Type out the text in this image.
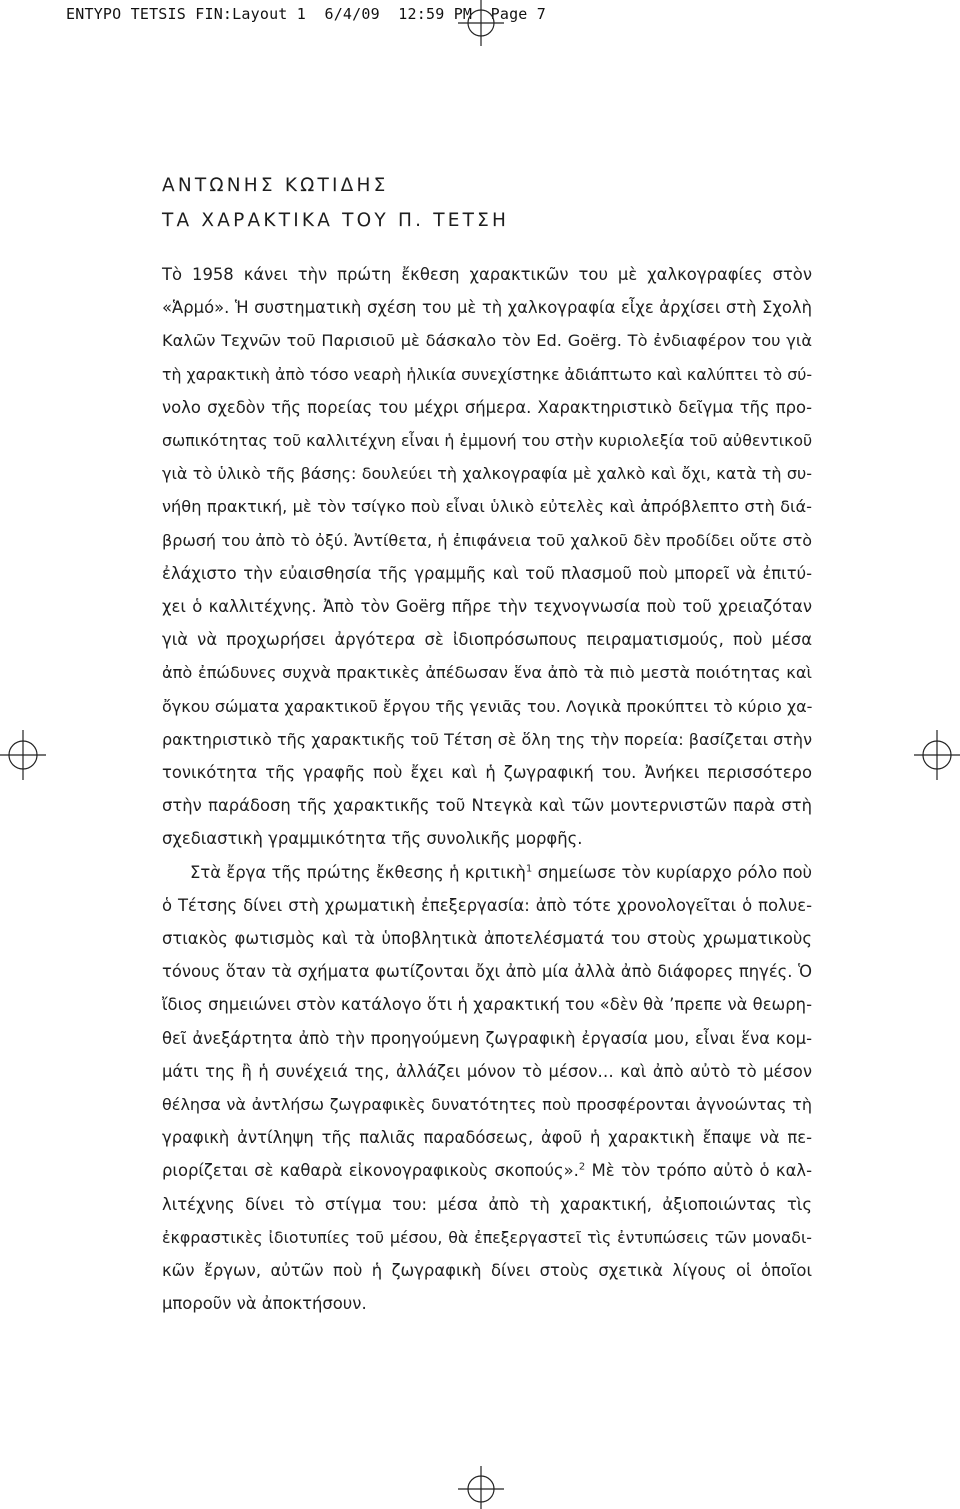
ENTYPO TETSIS FIN:Layout 1  6/4/09  12:59 PM  Page 7
ΑΝΤΩΝΗΣ ΚΩΤΙΔΗΣ
ΤΑ ΧΑΡΑΚΤΙΚΑ ΤΟΥ Π. ΤΕΤΣΗ

Τὸ 1958 κάνει τὴν πρώτη ἔκθεση χαρακτικῶν του μὲ χαλκογραφίες στὸν

«Ἁρμό». Ἡ συστηματικὴ σχέση του μὲ τὴ χαλκογραφία εἶχε ἀρχίσει στὴ Σχολὴ

Καλῶν Τεχνῶν τοῦ Παρισιοῦ μὲ δάσκαλο τὸν Ed. Goërg. Τὸ ἐνδιαφέρον του γιὰ

τὴ χαρακτικὴ ἀπὸ τόσο νεαρὴ ἡλικία συνεχίστηκε ἀδιάπτωτο καὶ καλύπτει τὸ σύ-

νολο σχεδὸν τῆς πορείας του μέχρι σήμερα. Χαρακτηριστικὸ δεῖγμα τῆς προ-

σωπικότητας τοῦ καλλιτέχνη εἶναι ἡ ἐμμονή του στὴν κυριολεξία τοῦ αὐθεντικοῦ

γιὰ τὸ ὑλικὸ τῆς βάσης: δουλεύει τὴ χαλκογραφία μὲ χαλκὸ καὶ ὄχι, κατὰ τὴ συ-

νήθη πρακτική, μὲ τὸν τσίγκο ποὺ εἶναι ὑλικὸ εὐτελὲς καὶ ἀπρόβλεπτο στὴ διά-

βρωσή του ἀπὸ τὸ ὀξύ. Ἀντίθετα, ἡ ἐπιφάνεια τοῦ χαλκοῦ δὲν προδίδει οὔτε στὸ

ἐλάχιστο τὴν εὐαισθησία τῆς γραμμῆς καὶ τοῦ πλασμοῦ ποὺ μπορεῖ νὰ ἐπιτύ-

χει ὁ καλλιτέχνης. Ἀπὸ τὸν Goërg πῆρε τὴν τεχνογνωσία ποὺ τοῦ χρειαζόταν

γιὰ νὰ προχωρήσει ἀργότερα σὲ ἰδιοπρόσωπους πειραματισμούς, ποὺ μέσα

ἀπὸ ἐπώδυνες συχνὰ πρακτικὲς ἀπέδωσαν ἕνα ἀπὸ τὰ πιὸ μεστὰ ποιότητας καὶ

ὄγκου σώματα χαρακτικοῦ ἔργου τῆς γενιᾶς του. Λογικὰ προκύπτει τὸ κύριο χα-

ρακτηριστικὸ τῆς χαρακτικῆς τοῦ Τέτση σὲ ὅλη της τὴν πορεία: βασίζεται στὴν

τονικότητα τῆς γραφῆς ποὺ ἔχει καὶ ἡ ζωγραφική του. Ἀνήκει περισσότερο

στὴν παράδοση τῆς χαρακτικῆς τοῦ Ντεγκὰ καὶ τῶν μοντερνιστῶν παρὰ στὴ

σχεδιαστικὴ γραμμικότητα τῆς συνολικῆς μορφῆς.

Στὰ ἔργα τῆς πρώτης ἔκθεσης ἡ κριτικὴ$^1$ σημείωσε τὸν κυρίαρχο ρόλο ποὺ

ὁ Τέτσης δίνει στὴ χρωματικὴ ἐπεξεργασία: ἀπὸ τότε χρονολογεῖται ὁ πολυε-

στιακὸς φωτισμὸς καὶ τὰ ὑποβλητικὰ ἀποτελέσματά του στοὺς χρωματικοὺς

τόνους ὅταν τὰ σχήματα φωτίζονται ὄχι ἀπὸ μία ἀλλὰ ἀπὸ διάφορες πηγές. Ὁ

ἴδιος σημειώνει στὸν κατάλογο ὅτι ἡ χαρακτική του «δὲν θὰ ’πρεπε νὰ θεωρη-

θεῖ ἀνεξάρτητα ἀπὸ τὴν προηγούμενη ζωγραφικὴ ἐργασία μου, εἶναι ἕνα κομ-

μάτι της ἢ ἡ συνέχειά της, ἀλλάζει μόνον τὸ μέσον… καὶ ἀπὸ αὐτὸ τὸ μέσον

θέλησα νὰ ἀντλήσω ζωγραφικὲς δυνατότητες ποὺ προσφέρονται ἀγνοώντας τὴ

γραφικὴ ἀντίληψη τῆς παλιᾶς παραδόσεως, ἀφοῦ ἡ χαρακτικὴ ἔπαψε νὰ πε-

ριορίζεται σὲ καθαρὰ εἰκονογραφικοὺς σκοπούς».$^2$ Μὲ τὸν τρόπο αὐτὸ ὁ καλ-

λιτέχνης δίνει τὸ στίγμα του: μέσα ἀπὸ τὴ χαρακτική, ἀξιοποιώντας τὶς

ἐκφραστικὲς ἰδιοτυπίες τοῦ μέσου, θὰ ἐπεξεργαστεῖ τὶς ἐντυπώσεις τῶν μοναδι-

κῶν ἔργων, αὐτῶν ποὺ ἡ ζωγραφικὴ δίνει στοὺς σχετικὰ λίγους οἱ ὁποῖοι

μποροῦν νὰ ἀποκτήσουν.
